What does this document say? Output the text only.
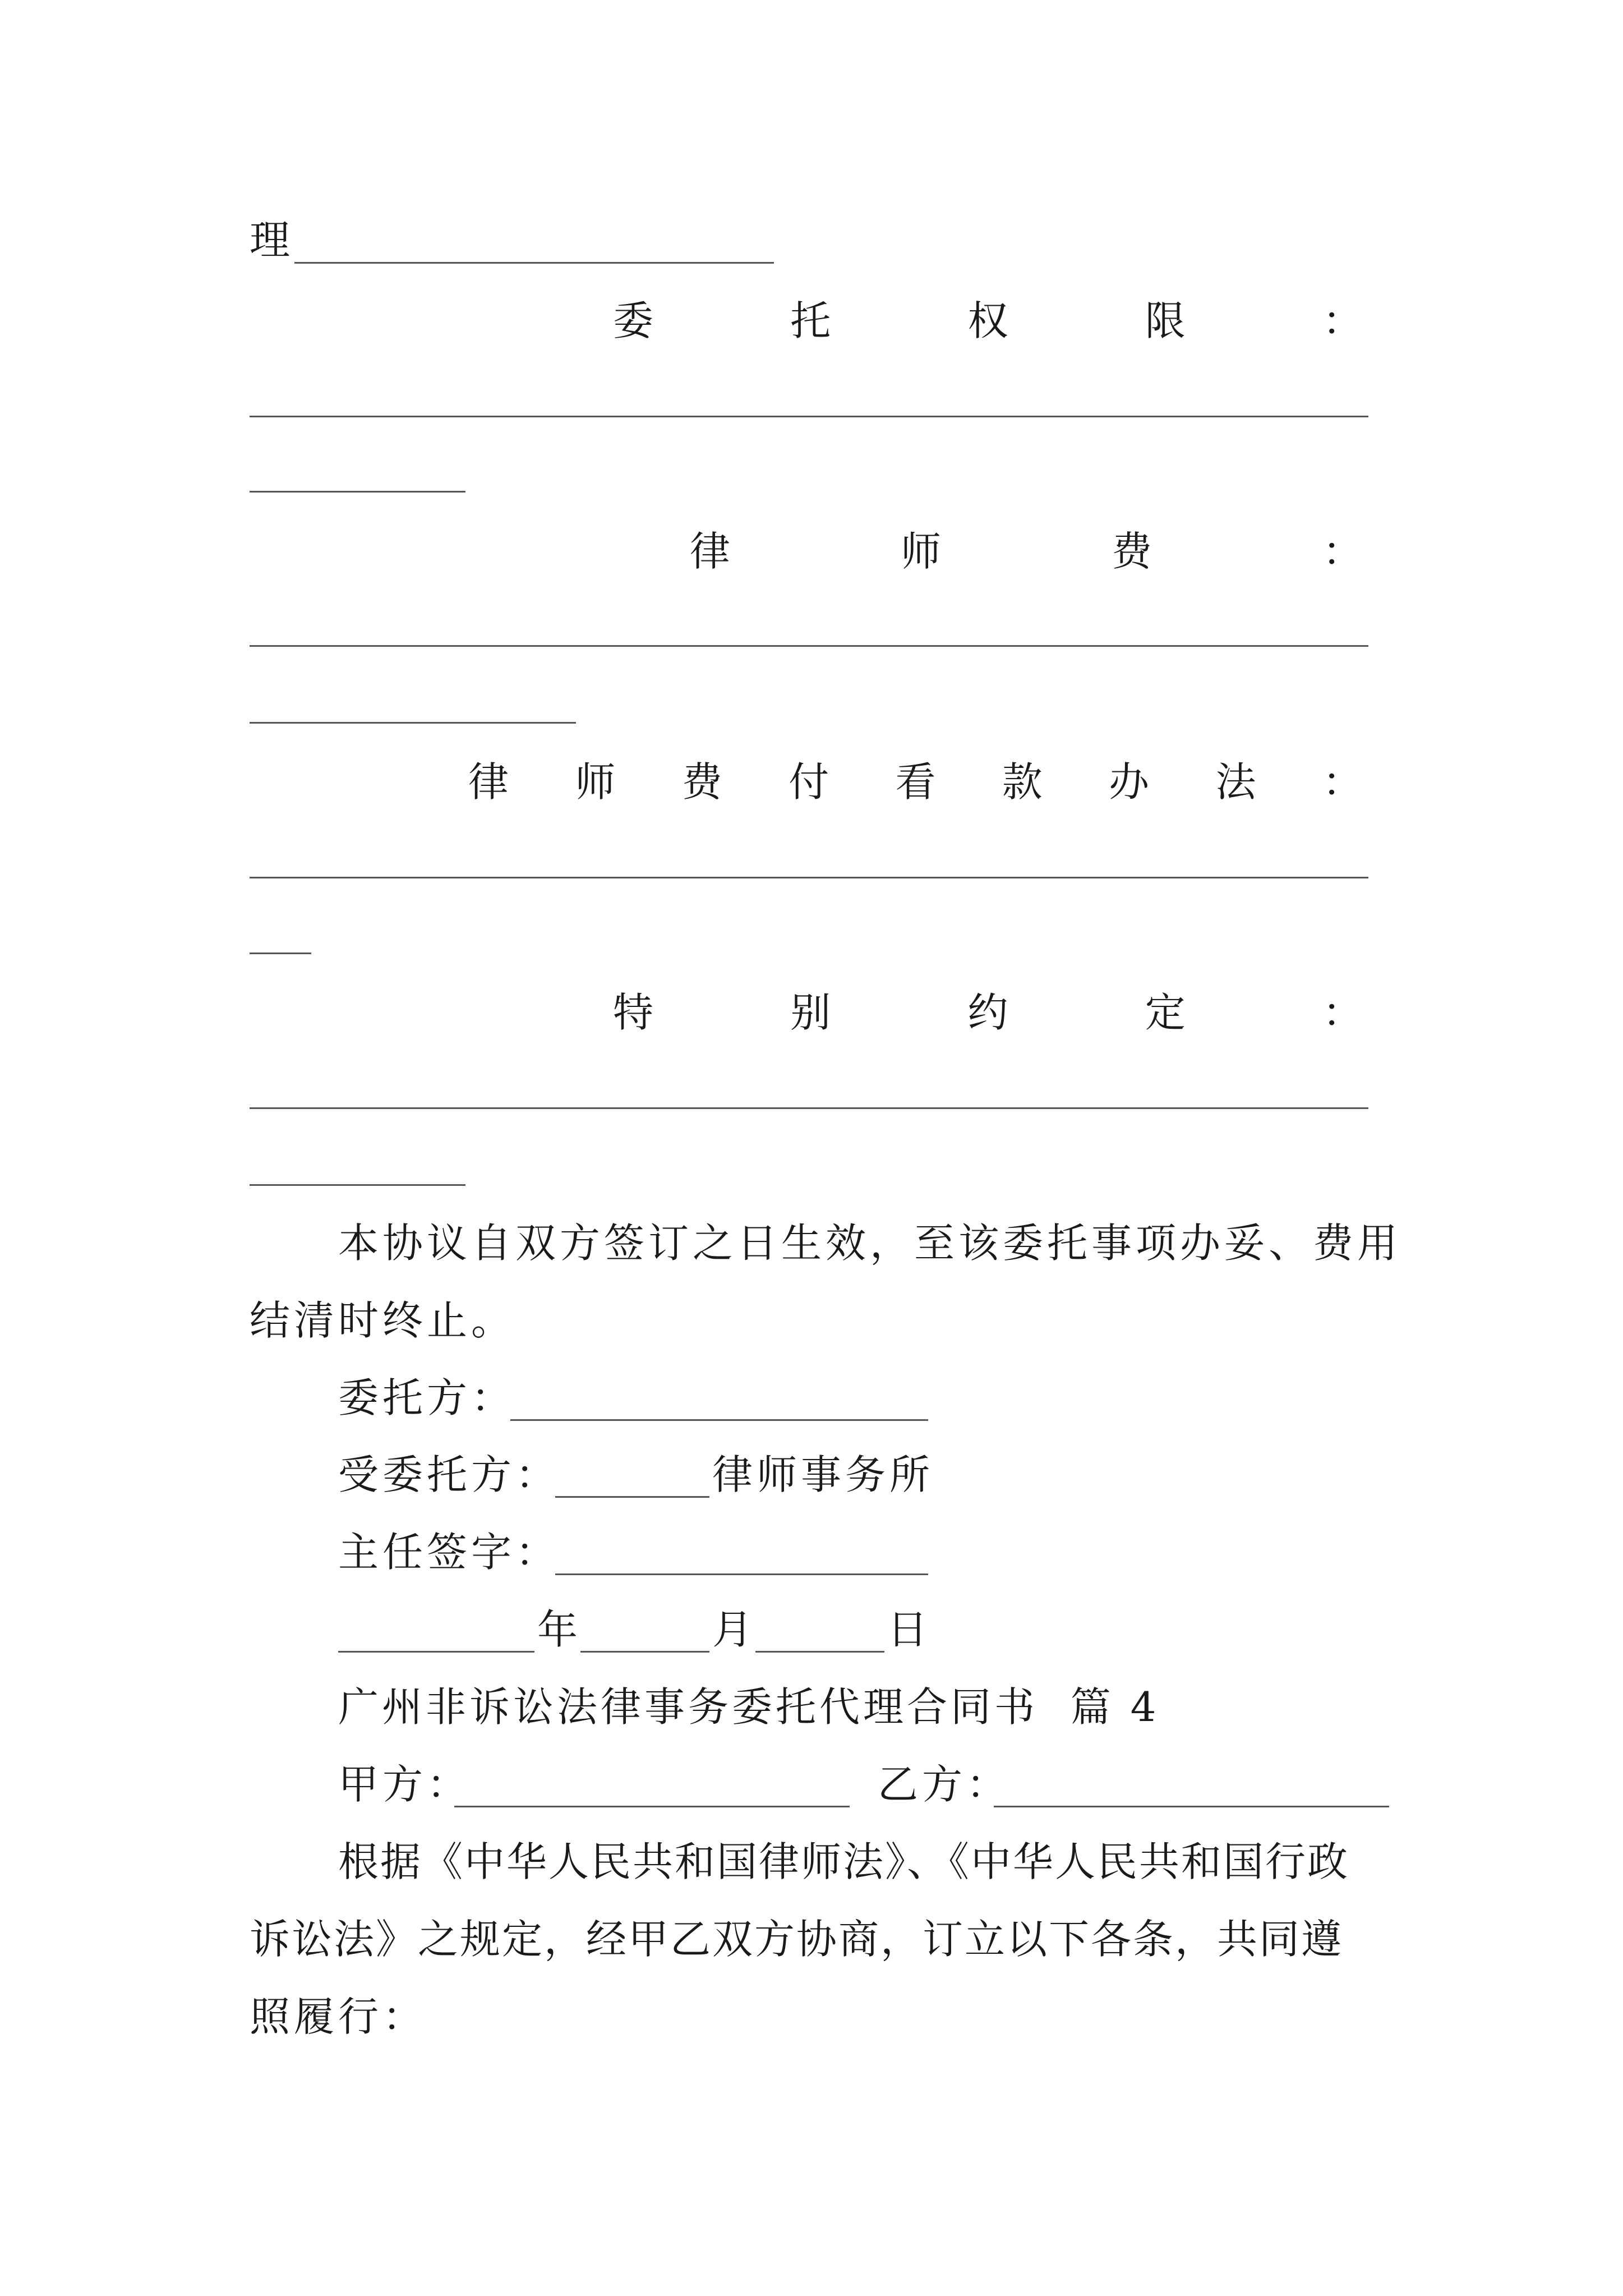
理
委	托	权	限	：
律	师	费	：
律 师 费 付 看 款 办 法 ：
特	别	约	定	：
本协议自双方签订之日生效，至该委托事项办妥、费用
结清时终止。
委托方：
受委托方：	律师事务所
主任签字：
年	月	日
广州非诉讼法律事务委托代理合同书  篇 4
甲方：	乙方：
根据《中华人民共和国律师法》、《中华人民共和国行政
诉讼法》之规定，经甲乙双方协商，订立以下各条，共同遵
照履行：
